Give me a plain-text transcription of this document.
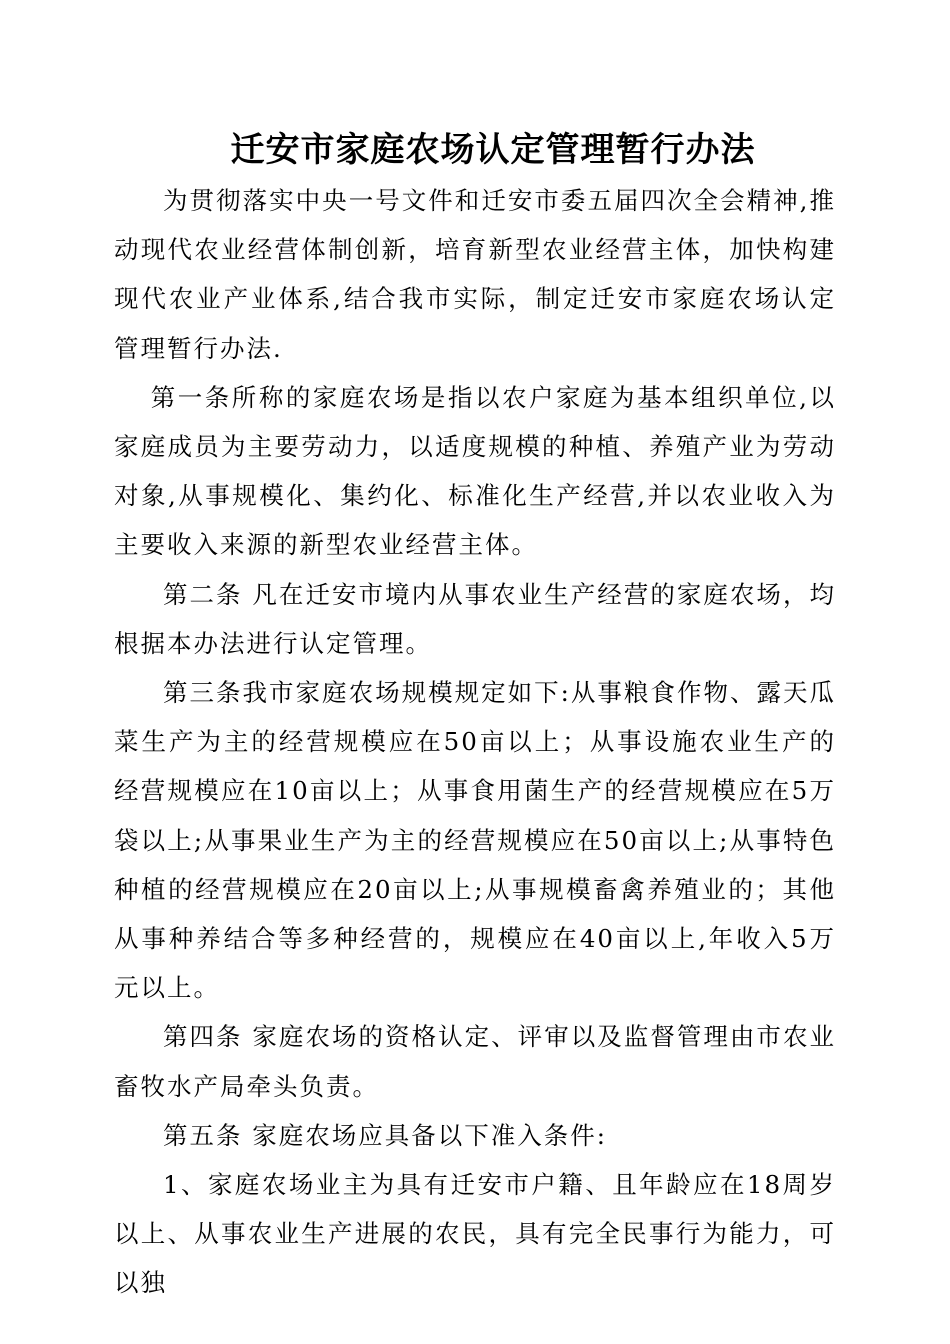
迁安市家庭农场认定管理暂行办法

为贯彻落实中央一号文件和迁安市委五届四次全会精神,推动现代农业经营体制创新，培育新型农业经营主体，加快构建现代农业产业体系,结合我市实际，制定迁安市家庭农场认定管理暂行办法.

第一条所称的家庭农场是指以农户家庭为基本组织单位,以家庭成员为主要劳动力，以适度规模的种植、养殖产业为劳动对象,从事规模化、集约化、标准化生产经营,并以农业收入为主要收入来源的新型农业经营主体。

第二条 凡在迁安市境内从事农业生产经营的家庭农场，均根据本办法进行认定管理。

第三条我市家庭农场规模规定如下:从事粮食作物、露天瓜菜生产为主的经营规模应在50亩以上；从事设施农业生产的经营规模应在10亩以上；从事食用菌生产的经营规模应在5万袋以上;从事果业生产为主的经营规模应在50亩以上;从事特色种植的经营规模应在20亩以上;从事规模畜禽养殖业的；其他从事种养结合等多种经营的，规模应在40亩以上,年收入5万元以上。

第四条 家庭农场的资格认定、评审以及监督管理由市农业畜牧水产局牵头负责。

第五条 家庭农场应具备以下准入条件:

1、家庭农场业主为具有迁安市户籍、且年龄应在18周岁以上、从事农业生产进展的农民，具有完全民事行为能力，可以独
